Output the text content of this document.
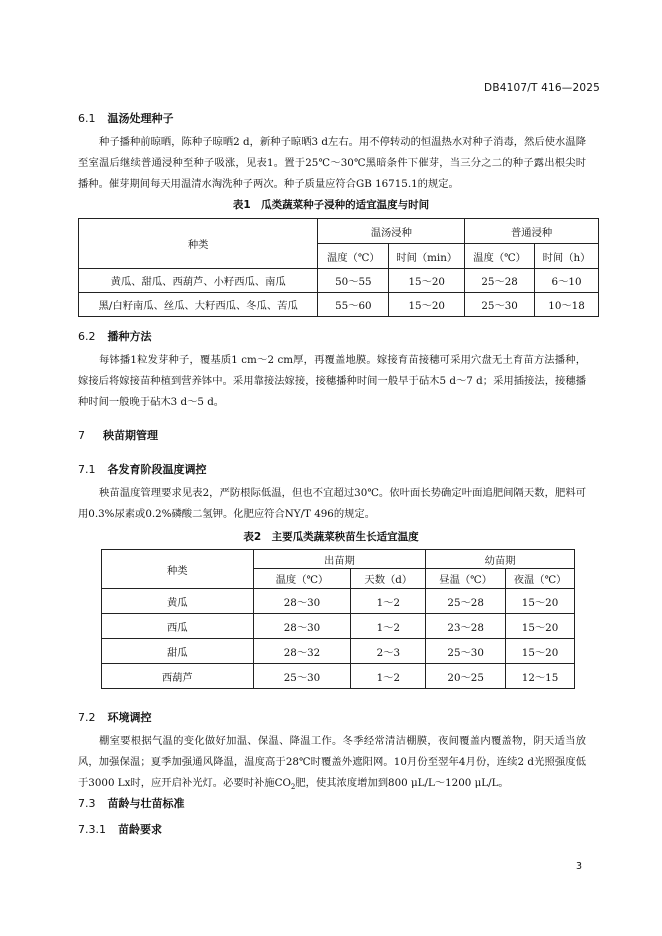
DB4107/T 416—2025
6.1 温汤处理种子
种子播种前晾晒，陈种子晾晒2 d，新种子晾晒3 d左右。用不停转动的恒温热水对种子消毒，然后使水温降至室温后继续普通浸种至种子吸涨，见表1。置于25℃～30℃黑暗条件下催芽，当三分之二的种子露出根尖时播种。催芽期间每天用温清水淘洗种子两次。种子质量应符合GB 16715.1的规定。
表1　瓜类蔬菜种子浸种的适宜温度与时间
种类	温汤浸种		普通浸种	
	温度（℃）	时间（min）	温度（℃）	时间（h）
黄瓜、甜瓜、西葫芦、小籽西瓜、南瓜	50～55	15～20	25～28	6～10
黑/白籽南瓜、丝瓜、大籽西瓜、冬瓜、苦瓜	55～60	15～20	25～30	10～18
6.2 播种方法
每钵播1粒发芽种子，覆基质1 cm～2 cm厚，再覆盖地膜。嫁接育苗接穗可采用穴盘无土育苗方法播种，嫁接后将嫁接苗种植到营养钵中。采用靠接法嫁接，接穗播种时间一般早于砧木5 d～7 d；采用插接法，接穗播种时间一般晚于砧木3 d～5 d。
7 秧苗期管理
7.1 各发育阶段温度调控
秧苗温度管理要求见表2，严防根际低温，但也不宜超过30℃。依叶面长势确定叶面追肥间隔天数，肥料可用0.3%尿素或0.2%磷酸二氢钾。化肥应符合NY/T 496的规定。
表2　主要瓜类蔬菜秧苗生长适宜温度
种类	出苗期		幼苗期	
	温度（℃）	天数（d）	昼温（℃）	夜温（℃）
黄瓜	28～30	1～2	25～28	15～20
西瓜	28～30	1～2	23～28	15～20
甜瓜	28～32	2～3	25～30	15～20
西葫芦	25～30	1～2	20～25	12～15
7.2 环境调控
棚室要根据气温的变化做好加温、保温、降温工作。冬季经常清洁棚膜，夜间覆盖内覆盖物，阴天适当放风，加强保温；夏季加强通风降温，温度高于28℃时覆盖外遮阳网。10月份至翌年4月份，连续2 d光照强度低于3000 Lx时，应开启补光灯。必要时补施$CO_2$肥，使其浓度增加到800 μL/L～1200 μL/L。
7.3 苗龄与壮苗标准
7.3.1 苗龄要求
3
